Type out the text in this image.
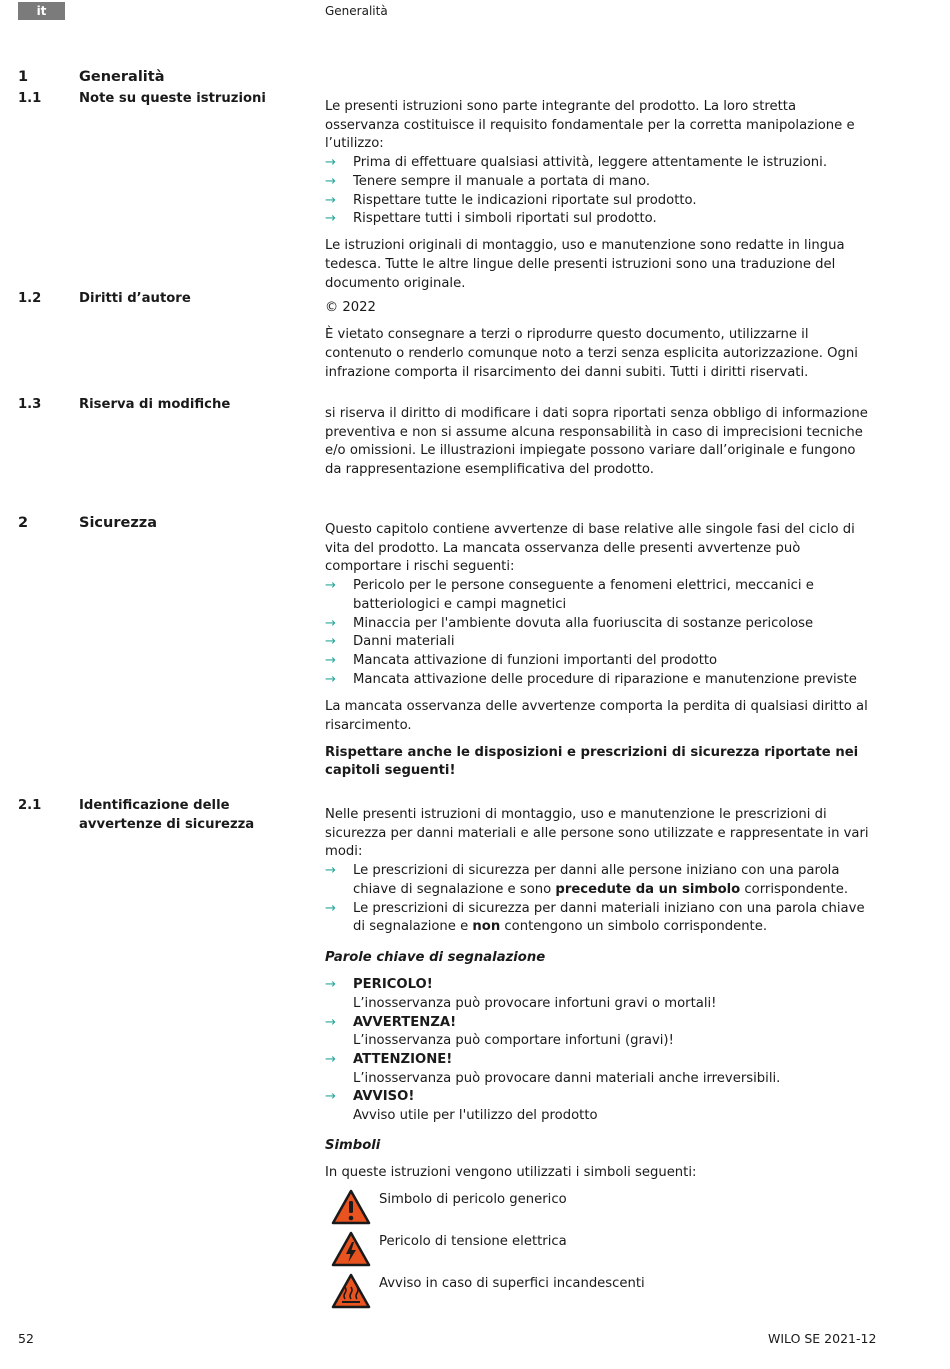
it	Generalità
1	Generalità
1.1	Note su queste istruzioni

Le presenti istruzioni sono parte integrante del prodotto. La loro stretta osservanza costituisce il requisito fondamentale per la corretta manipolazione e l’utilizzo:

→ Prima di effettuare qualsiasi attività, leggere attentamente le istruzioni.
→ Tenere sempre il manuale a portata di mano.
→ Rispettare tutte le indicazioni riportate sul prodotto.
→ Rispettare tutti i simboli riportati sul prodotto.

Le istruzioni originali di montaggio, uso e manutenzione sono redatte in lingua tedesca. Tutte le altre lingue delle presenti istruzioni sono una traduzione del documento originale.

1.2	Diritti d’autore

© 2022

È vietato consegnare a terzi o riprodurre questo documento, utilizzarne il contenuto o renderlo comunque noto a terzi senza esplicita autorizzazione. Ogni infrazione comporta il risarcimento dei danni subiti. Tutti i diritti riservati.

1.3	Riserva di modifiche

si riserva il diritto di modificare i dati sopra riportati senza obbligo di informazione preventiva e non si assume alcuna responsabilità in caso di imprecisioni tecniche e/o omissioni. Le illustrazioni impiegate possono variare dall’originale e fungono da rappresentazione esemplificativa del prodotto.

2	Sicurezza	Questo capitolo contiene avvertenze di base relative alle singole fasi del ciclo di vita del prodotto. La mancata osservanza delle presenti avvertenze può comportare i rischi seguenti:

→ Pericolo per le persone conseguente a fenomeni elettrici, meccanici e batteriologici e campi magnetici
→ Minaccia per l'ambiente dovuta alla fuoriuscita di sostanze pericolose
→ Danni materiali
→ Mancata attivazione di funzioni importanti del prodotto
→ Mancata attivazione delle procedure di riparazione e manutenzione previste

La mancata osservanza delle avvertenze comporta la perdita di qualsiasi diritto al risarcimento.

Rispettare anche le disposizioni e prescrizioni di sicurezza riportate nei capitoli seguenti!

2.1	Identificazione delle avvertenze di sicurezza

Nelle presenti istruzioni di montaggio, uso e manutenzione le prescrizioni di sicurezza per danni materiali e alle persone sono utilizzate e rappresentate in vari modi:

→ Le prescrizioni di sicurezza per danni alle persone iniziano con una parola chiave di segnalazione e sono precedute da un simbolo corrispondente.
→ Le prescrizioni di sicurezza per danni materiali iniziano con una parola chiave di segnalazione e non contengono un simbolo corrispondente.

Parole chiave di segnalazione

→ PERICOLO!
L’inosservanza può provocare infortuni gravi o mortali!
→ AVVERTENZA!
L’inosservanza può comportare infortuni (gravi)!
→ ATTENZIONE!
L’inosservanza può provocare danni materiali anche irreversibili.
→ AVVISO!
Avviso utile per l'utilizzo del prodotto

Simboli

In queste istruzioni vengono utilizzati i simboli seguenti:

Simbolo di pericolo generico
Pericolo di tensione elettrica
Avviso in caso di superfici incandescenti
52	WILO SE 2021-12
